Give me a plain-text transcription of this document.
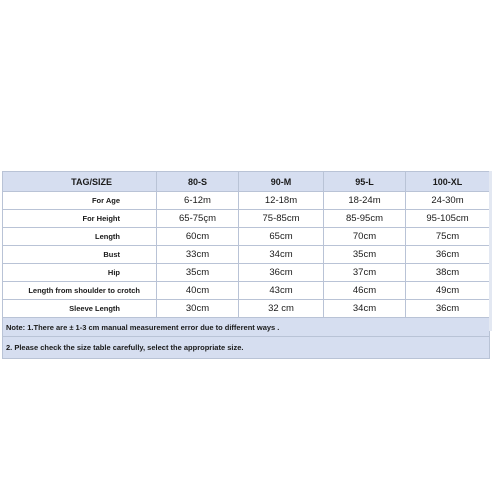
TAG/SIZE	80-S	90-M	95-L	100-XL
For Age	6-12m	12-18m	18-24m	24-30m
For Height	65-75çm	75-85cm	85-95cm	95-105cm
Length	60cm	65cm	70cm	75cm
Bust	33cm	34cm	35cm	36cm
Hip	35cm	36cm	37cm	38cm
Length from shoulder to crotch	40cm	43cm	46cm	49cm
Sleeve Length	30cm	32 cm	34cm	36cm
Note: 1.There are ± 1-3 cm manual measurement error due to different ways .				
2. Please check the size table carefully, select the appropriate size.				
